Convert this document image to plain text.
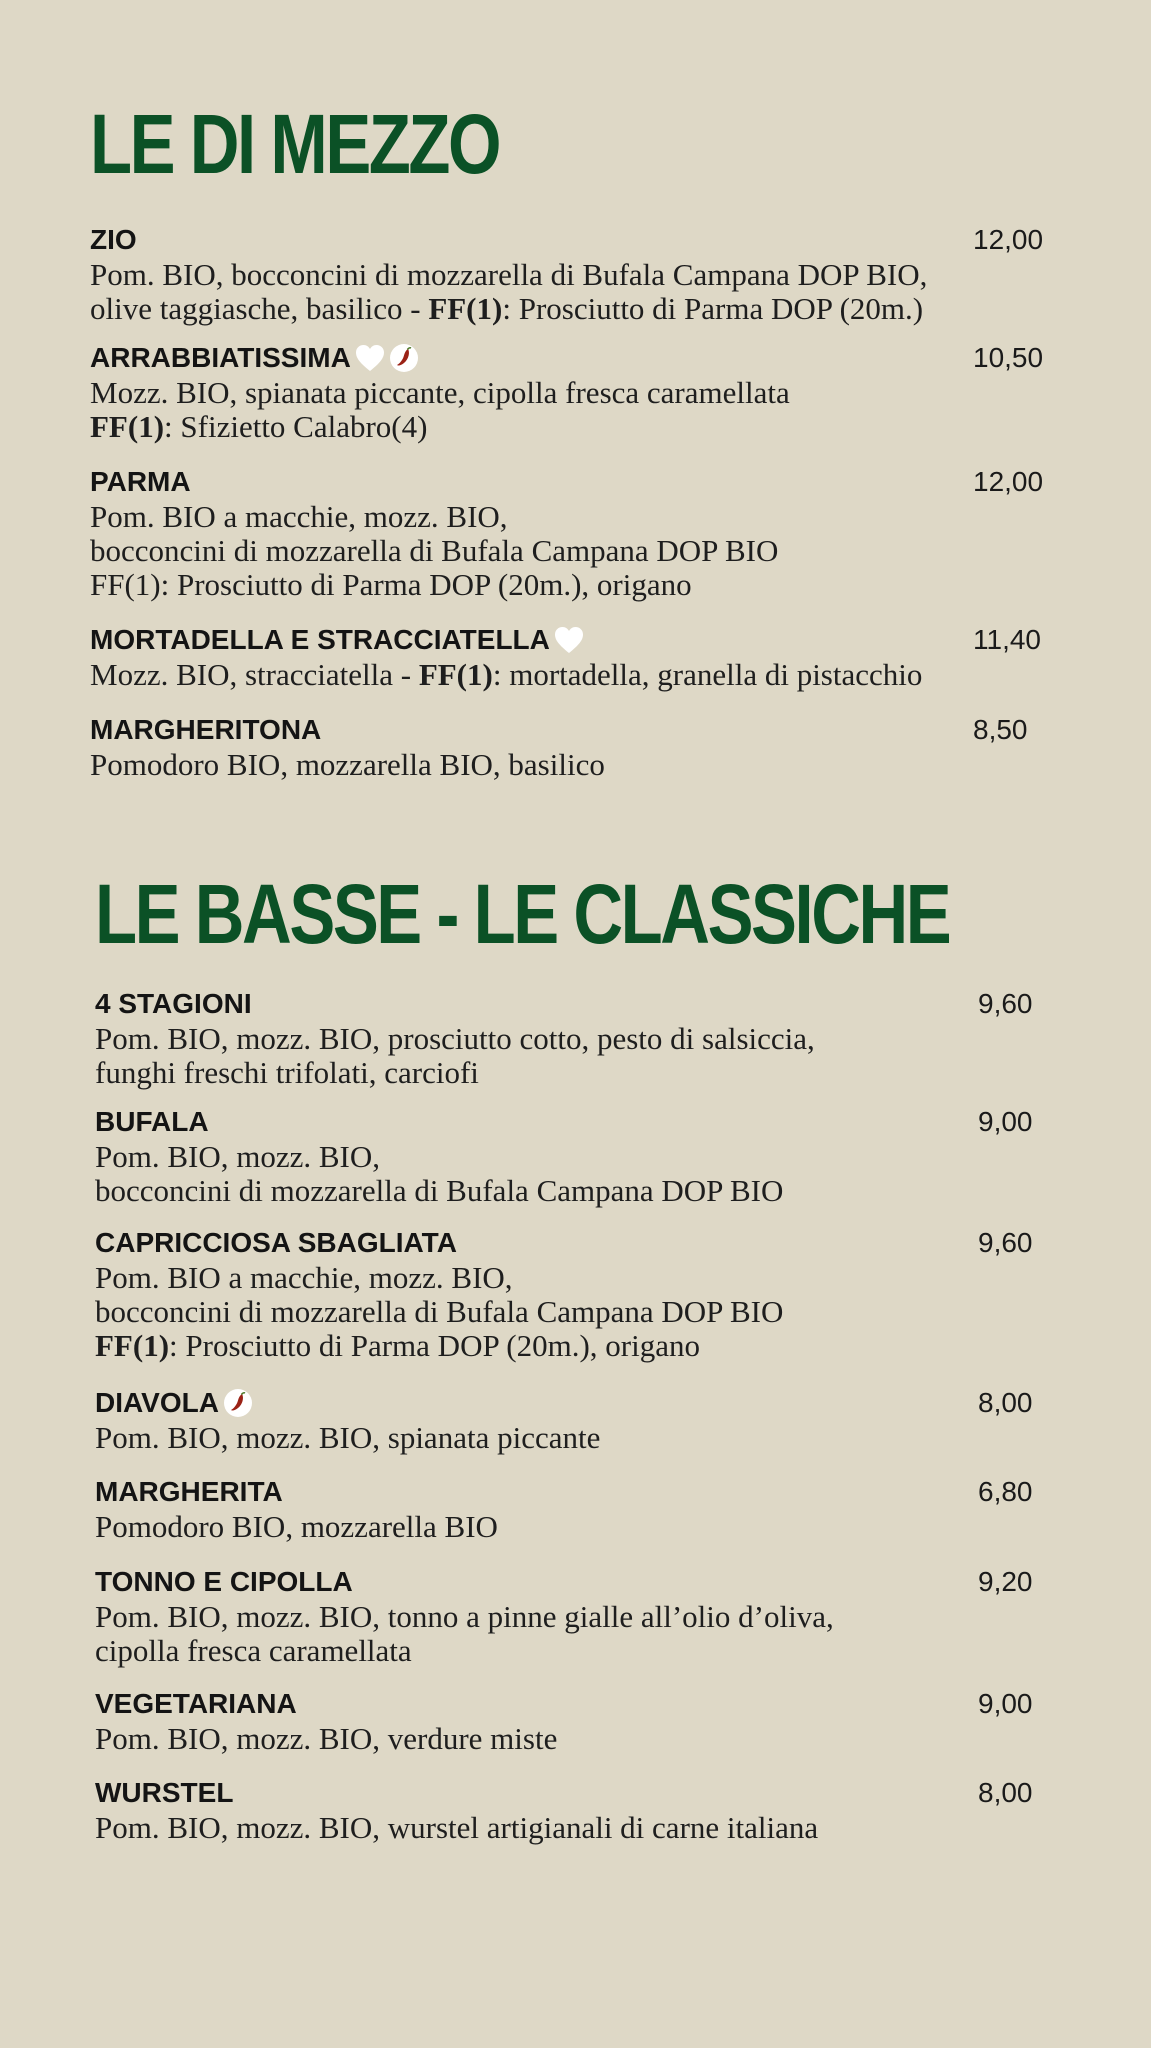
LE DI MEZZO
ZIO	12,00
Pom. BIO, bocconcini di mozzarella di Bufala Campana DOP BIO,
olive taggiasche, basilico - FF(1): Prosciutto di Parma DOP (20m.)
ARRABBIATISSIMA	10,50
Mozz. BIO, spianata piccante, cipolla fresca caramellata
FF(1): Sfizietto Calabro(4)
PARMA	12,00
Pom. BIO a macchie, mozz. BIO,
bocconcini di mozzarella di Bufala Campana DOP BIO
FF(1): Prosciutto di Parma DOP (20m.), origano
MORTADELLA E STRACCIATELLA	11,40
Mozz. BIO, stracciatella - FF(1): mortadella, granella di pistacchio
MARGHERITONA	8,50
Pomodoro BIO, mozzarella BIO, basilico
LE BASSE - LE CLASSICHE
4 STAGIONI	9,60
Pom. BIO, mozz. BIO, prosciutto cotto, pesto di salsiccia,
funghi freschi trifolati, carciofi
BUFALA	9,00
Pom. BIO, mozz. BIO,
bocconcini di mozzarella di Bufala Campana DOP BIO
CAPRICCIOSA SBAGLIATA	9,60
Pom. BIO a macchie, mozz. BIO,
bocconcini di mozzarella di Bufala Campana DOP BIO
FF(1): Prosciutto di Parma DOP (20m.), origano
DIAVOLA	8,00
Pom. BIO, mozz. BIO, spianata piccante
MARGHERITA	6,80
Pomodoro BIO, mozzarella BIO
TONNO E CIPOLLA	9,20
Pom. BIO, mozz. BIO, tonno a pinne gialle all’olio d’oliva,
cipolla fresca caramellata
VEGETARIANA	9,00
Pom. BIO, mozz. BIO, verdure miste
WURSTEL	8,00
Pom. BIO, mozz. BIO, wurstel artigianali di carne italiana
